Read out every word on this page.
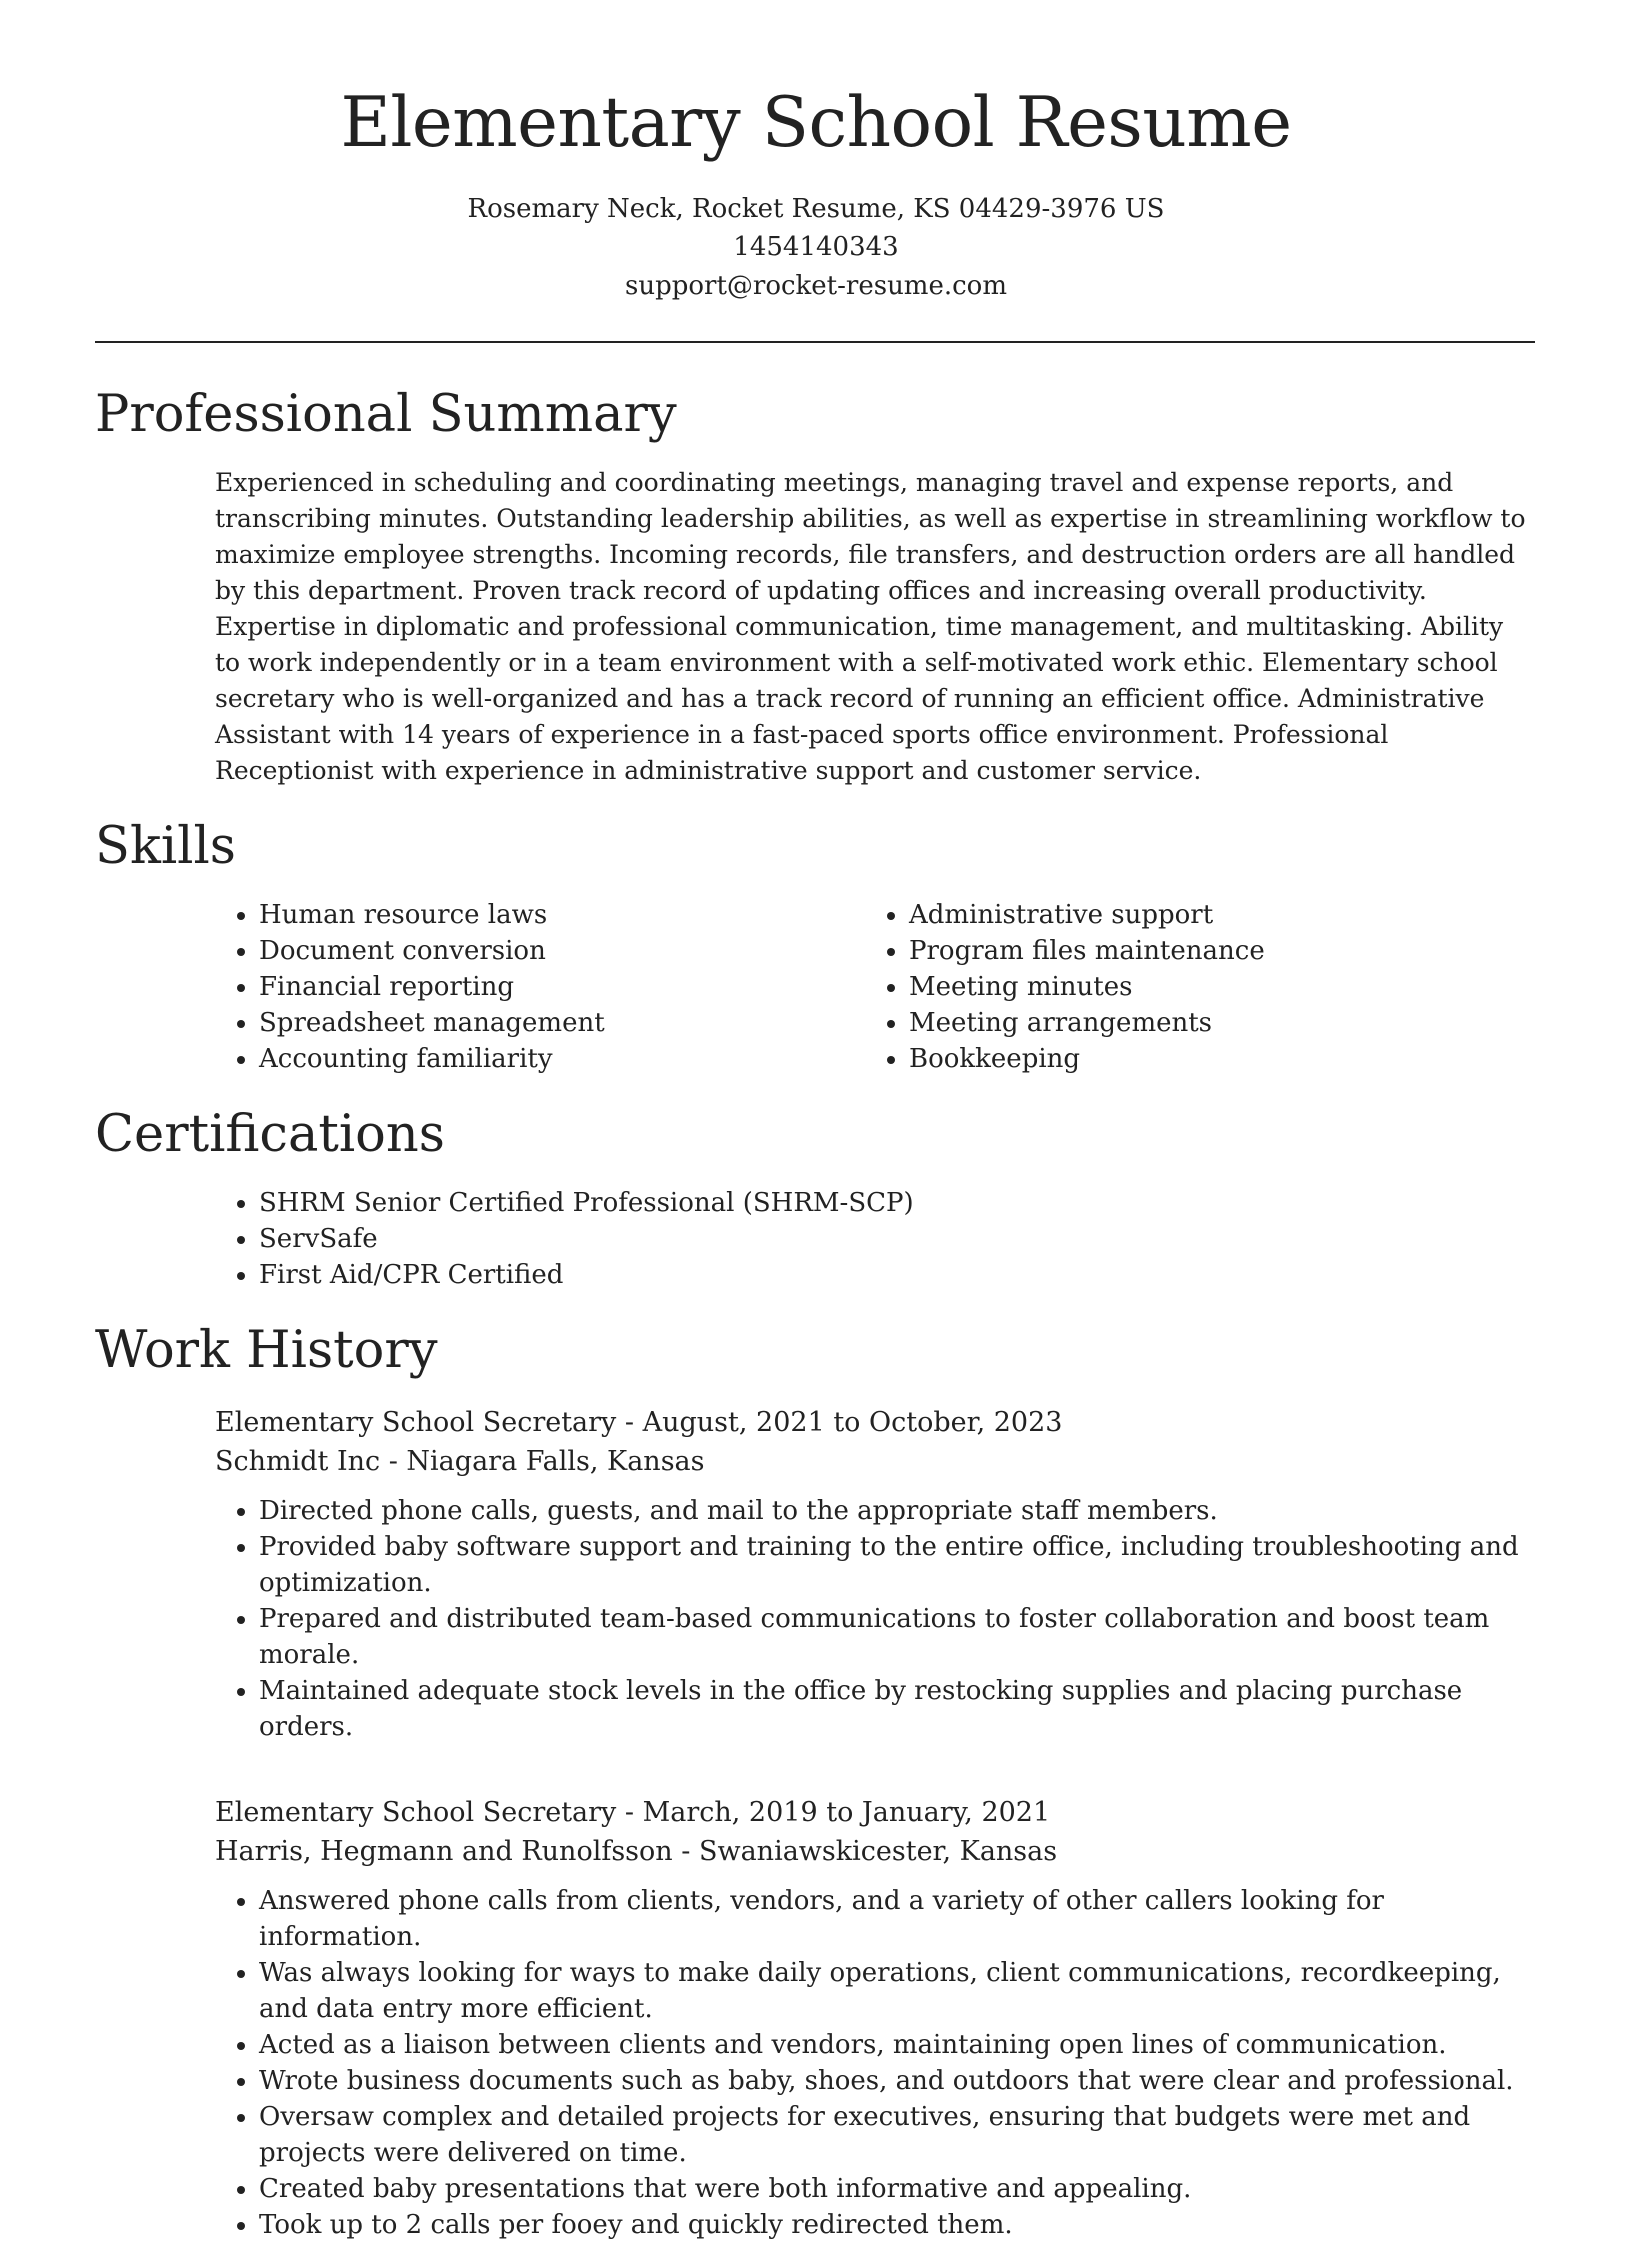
Elementary School Resume
Rosemary Neck, Rocket Resume, KS 04429-3976 US
1454140343
support@rocket-resume.com
Professional Summary

Experienced in scheduling and coordinating meetings, managing travel and expense reports, and transcribing minutes. Outstanding leadership abilities, as well as expertise in streamlining workflow to maximize employee strengths. Incoming records, file transfers, and destruction orders are all handled by this department. Proven track record of updating offices and increasing overall productivity. Expertise in diplomatic and professional communication, time management, and multitasking. Ability to work independently or in a team environment with a self-motivated work ethic. Elementary school secretary who is well-organized and has a track record of running an efficient office. Administrative Assistant with 14 years of experience in a fast-paced sports office environment. Professional Receptionist with experience in administrative support and customer service.

Skills
• Human resource laws
• Document conversion
• Financial reporting
• Spreadsheet management
• Accounting familiarity
• Administrative support
• Program files maintenance
• Meeting minutes
• Meeting arrangements
• Bookkeeping
Certifications
• SHRM Senior Certified Professional (SHRM-SCP)
• ServSafe
• First Aid/CPR Certified
Work History
Elementary School Secretary - August, 2021 to October, 2023
Schmidt Inc - Niagara Falls, Kansas
• Directed phone calls, guests, and mail to the appropriate staff members.
• Provided baby software support and training to the entire office, including troubleshooting and optimization.
• Prepared and distributed team-based communications to foster collaboration and boost team morale.
• Maintained adequate stock levels in the office by restocking supplies and placing purchase orders.
Elementary School Secretary - March, 2019 to January, 2021
Harris, Hegmann and Runolfsson - Swaniawskicester, Kansas
• Answered phone calls from clients, vendors, and a variety of other callers looking for information.
• Was always looking for ways to make daily operations, client communications, recordkeeping, and data entry more efficient.
• Acted as a liaison between clients and vendors, maintaining open lines of communication.
• Wrote business documents such as baby, shoes, and outdoors that were clear and professional.
• Oversaw complex and detailed projects for executives, ensuring that budgets were met and projects were delivered on time.
• Created baby presentations that were both informative and appealing.
• Took up to 2 calls per fooey and quickly redirected them.
